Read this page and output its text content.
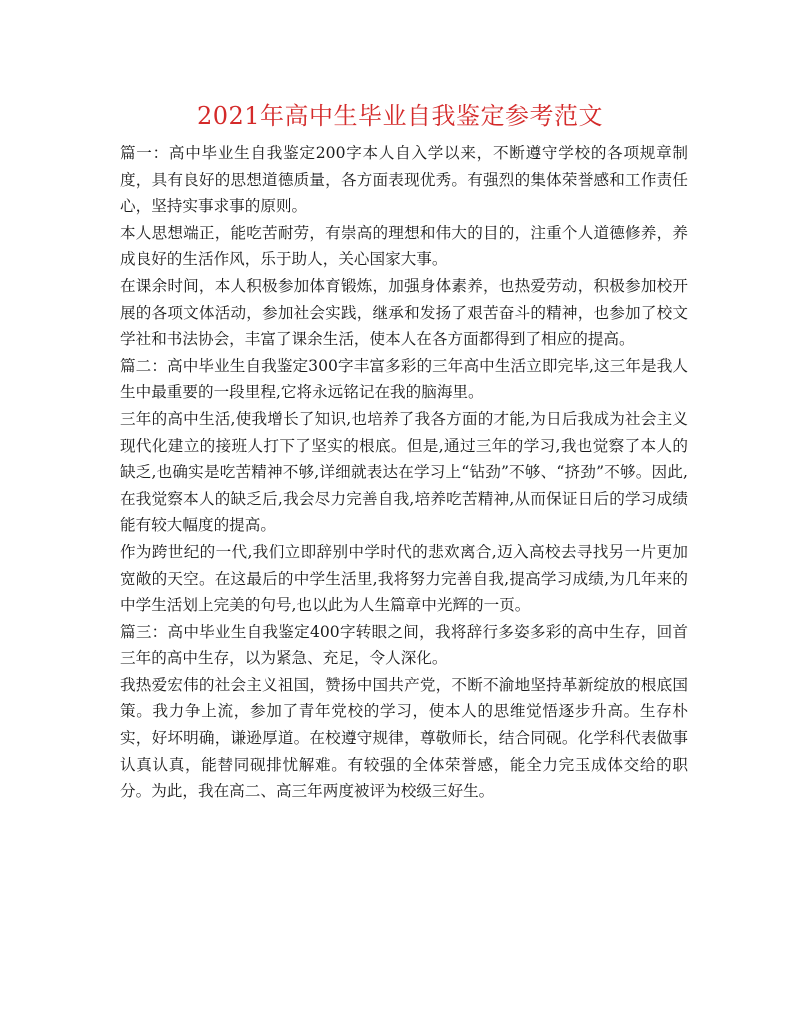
2021年高中生毕业自我鉴定参考范文

篇一：高中毕业生自我鉴定200字本人自入学以来，不断遵守学校的各项规章制度，具有良好的思想道德质量，各方面表现优秀。有强烈的集体荣誉感和工作责任心，坚持实事求事的原则。

本人思想端正，能吃苦耐劳，有崇高的理想和伟大的目的，注重个人道德修养，养成良好的生活作风，乐于助人，关心国家大事。

在课余时间，本人积极参加体育锻炼，加强身体素养，也热爱劳动，积极参加校开展的各项文体活动，参加社会实践，继承和发扬了艰苦奋斗的精神，也参加了校文学社和书法协会，丰富了课余生活，使本人在各方面都得到了相应的提高。

篇二：高中毕业生自我鉴定300字丰富多彩的三年高中生活立即完毕,这三年是我人生中最重要的一段里程,它将永远铭记在我的脑海里。

三年的高中生活,使我增长了知识,也培养了我各方面的才能,为日后我成为社会主义现代化建立的接班人打下了坚实的根底。但是,通过三年的学习,我也觉察了本人的缺乏,也确实是吃苦精神不够,详细就表达在学习上“钻劲”不够、“挤劲”不够。因此,在我觉察本人的缺乏后,我会尽力完善自我,培养吃苦精神,从而保证日后的学习成绩能有较大幅度的提高。

作为跨世纪的一代,我们立即辞别中学时代的悲欢离合,迈入高校去寻找另一片更加宽敞的天空。在这最后的中学生活里,我将努力完善自我,提高学习成绩,为几年来的中学生活划上完美的句号,也以此为人生篇章中光辉的一页。

篇三：高中毕业生自我鉴定400字转眼之间，我将辞行多姿多彩的高中生存，回首三年的高中生存，以为紧急、充足，令人深化。

我热爱宏伟的社会主义祖国，赞扬中国共产党，不断不渝地坚持革新绽放的根底国策。我力争上流，参加了青年党校的学习，使本人的思维觉悟逐步升高。生存朴实，好坏明确，谦逊厚道。在校遵守规律，尊敬师长，结合同砚。化学科代表做事认真认真，能替同砚排忧解难。有较强的全体荣誉感，能全力完玉成体交给的职分。为此，我在高二、高三年两度被评为校级三好生。
